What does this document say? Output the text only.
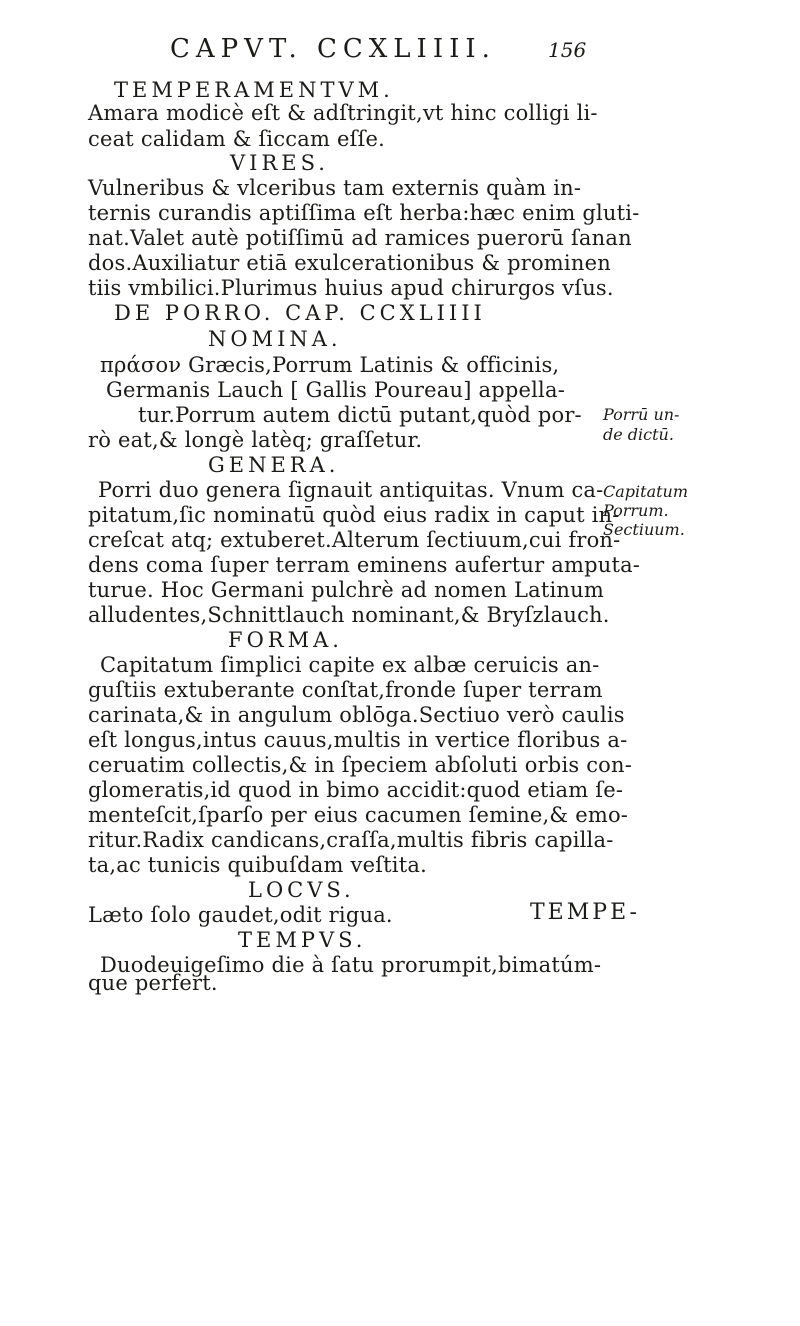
CAPVT. CCXLIIII.	156
TEMPERAMENTVM.
Amara modicè eſt & adſtringit,vt hinc colligi li-
ceat calidam & ſiccam eſſe.
VIRES.
Vulneribus & vlceribus tam externis quàm in-
ternis curandis aptiſſima eſt herba:hæc enim gluti-
nat.Valet autè potiſſimū ad ramices puerorū ſanan
dos.Auxiliatur etiā exulcerationibus & prominen
tiis vmbilici.Plurimus huius apud chirurgos vſus.
DE PORRO. CAP. CCXLIIII
NOMINA.
πράσον Græcis,Porrum Latinis & officinis,
Germanis Lauch [ Gallis Poureau] appella-
tur.Porrum autem dictū putant,quòd por-
rò eat,& longè latèq; graſſetur.
GENERA.
Porri duo genera ſignauit antiquitas. Vnum ca-
pitatum,ſic nominatū quòd eius radix in caput in-
creſcat atq; extuberet.Alterum ſectiuum,cui fron-
dens coma ſuper terram eminens aufertur amputa-
turue. Hoc Germani pulchrè ad nomen Latinum
alludentes,Schnittlauch nominant,& Bryſzlauch.
FORMA.
Capitatum ſimplici capite ex albæ ceruicis an-
guſtiis extuberante conſtat,fronde ſuper terram
carinata,& in angulum oblōga.Sectiuo verò caulis
eſt longus,intus cauus,multis in vertice floribus a-
ceruatim collectis,& in ſpeciem abſoluti orbis con-
glomeratis,id quod in bimo accidit:quod etiam ſe-
menteſcit,ſparſo per eius cacumen ſemine,& emo-
ritur.Radix candicans,craſſa,multis fibris capilla-
ta,ac tunicis quibuſdam veſtita.
LOCVS.
Læto ſolo gaudet,odit rigua.
TEMPVS.
Duodeuigeſimo die à ſatu prorumpit,bimatúm-
que perfert.
Porrū un-
de dictū.
Capitatum
Porrum.
Sectiuum.
TEMPE-
